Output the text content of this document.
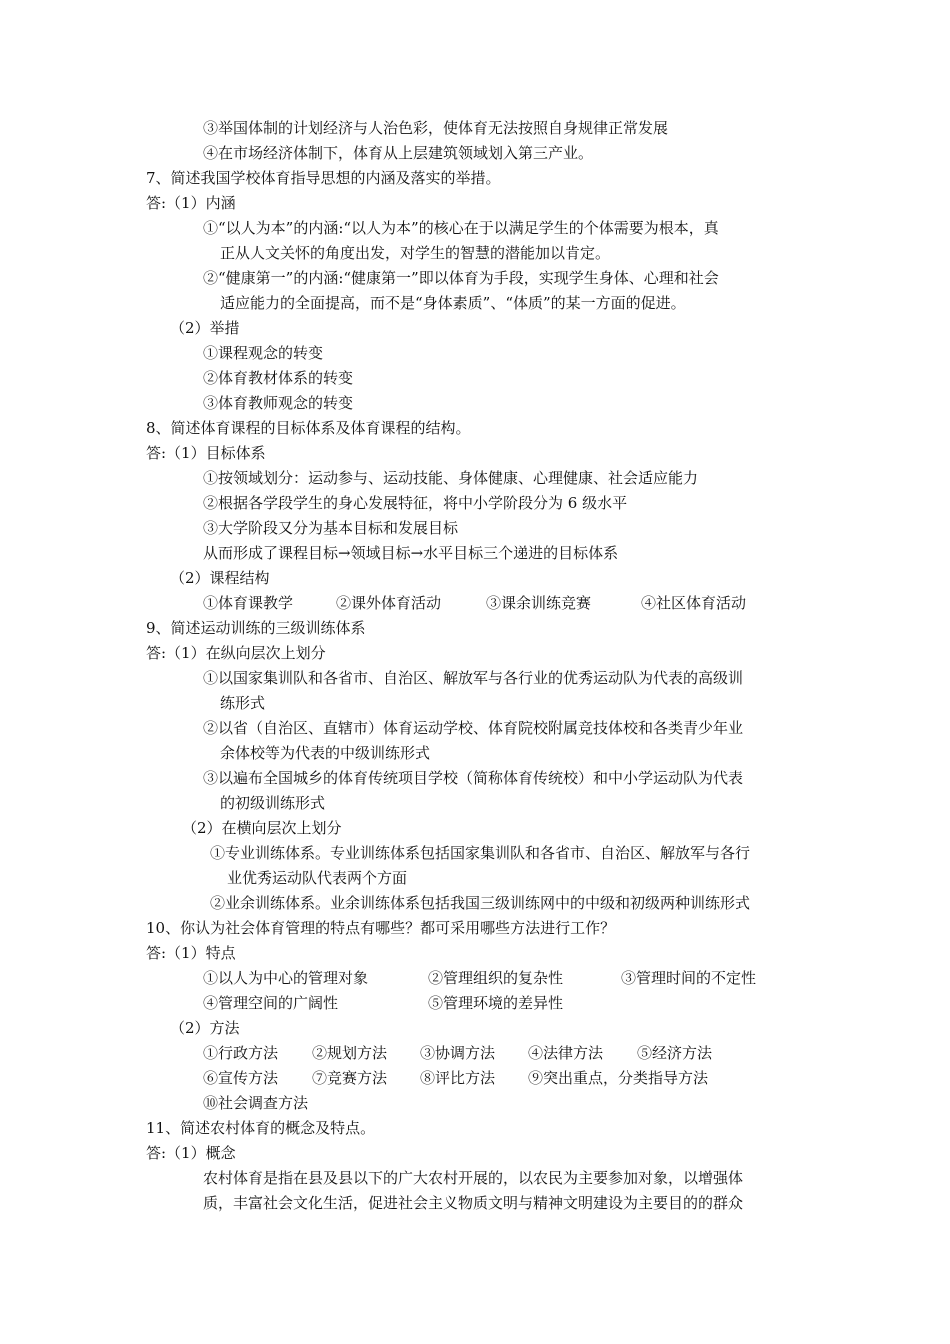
③举国体制的计划经济与人治色彩，使体育无法按照自身规律正常发展
④在市场经济体制下，体育从上层建筑领域划入第三产业。
7、简述我国学校体育指导思想的内涵及落实的举措。
答:（1）内涵
①“以人为本”的内涵:“以人为本”的核心在于以满足学生的个体需要为根本，真
正从人文关怀的角度出发，对学生的智慧的潜能加以肯定。
②“健康第一”的内涵:“健康第一”即以体育为手段，实现学生身体、心理和社会
适应能力的全面提高，而不是“身体素质”、“体质”的某一方面的促进。
（2）举措
①课程观念的转变
②体育教材体系的转变
③体育教师观念的转变
8、简述体育课程的目标体系及体育课程的结构。
答:（1）目标体系
①按领域划分：运动参与、运动技能、身体健康、心理健康、社会适应能力
②根据各学段学生的身心发展特征，将中小学阶段分为 6 级水平
③大学阶段又分为基本目标和发展目标
从而形成了课程目标→领域目标→水平目标三个递进的目标体系
（2）课程结构
①体育课教学	②课外体育活动	③课余训练竞赛	④社区体育活动
9、简述运动训练的三级训练体系
答:（1）在纵向层次上划分
①以国家集训队和各省市、自治区、解放军与各行业的优秀运动队为代表的高级训
练形式
②以省（自治区、直辖市）体育运动学校、体育院校附属竞技体校和各类青少年业
余体校等为代表的中级训练形式
③以遍布全国城乡的体育传统项目学校（简称体育传统校）和中小学运动队为代表
的初级训练形式
（2）在横向层次上划分
①专业训练体系。专业训练体系包括国家集训队和各省市、自治区、解放军与各行
业优秀运动队代表两个方面
②业余训练体系。业余训练体系包括我国三级训练网中的中级和初级两种训练形式
10、你认为社会体育管理的特点有哪些？都可采用哪些方法进行工作？
答:（1）特点
①以人为中心的管理对象	②管理组织的复杂性	③管理时间的不定性
④管理空间的广阔性	⑤管理环境的差异性
（2）方法
①行政方法 ②规划方法 ③协调方法 ④法律方法 ⑤经济方法
⑥宣传方法 ⑦竞赛方法 ⑧评比方法 ⑨突出重点，分类指导方法
⑩社会调查方法
11、简述农村体育的概念及特点。
答:（1）概念
农村体育是指在县及县以下的广大农村开展的，以农民为主要参加对象，以增强体
质，丰富社会文化生活，促进社会主义物质文明与精神文明建设为主要目的的群众
